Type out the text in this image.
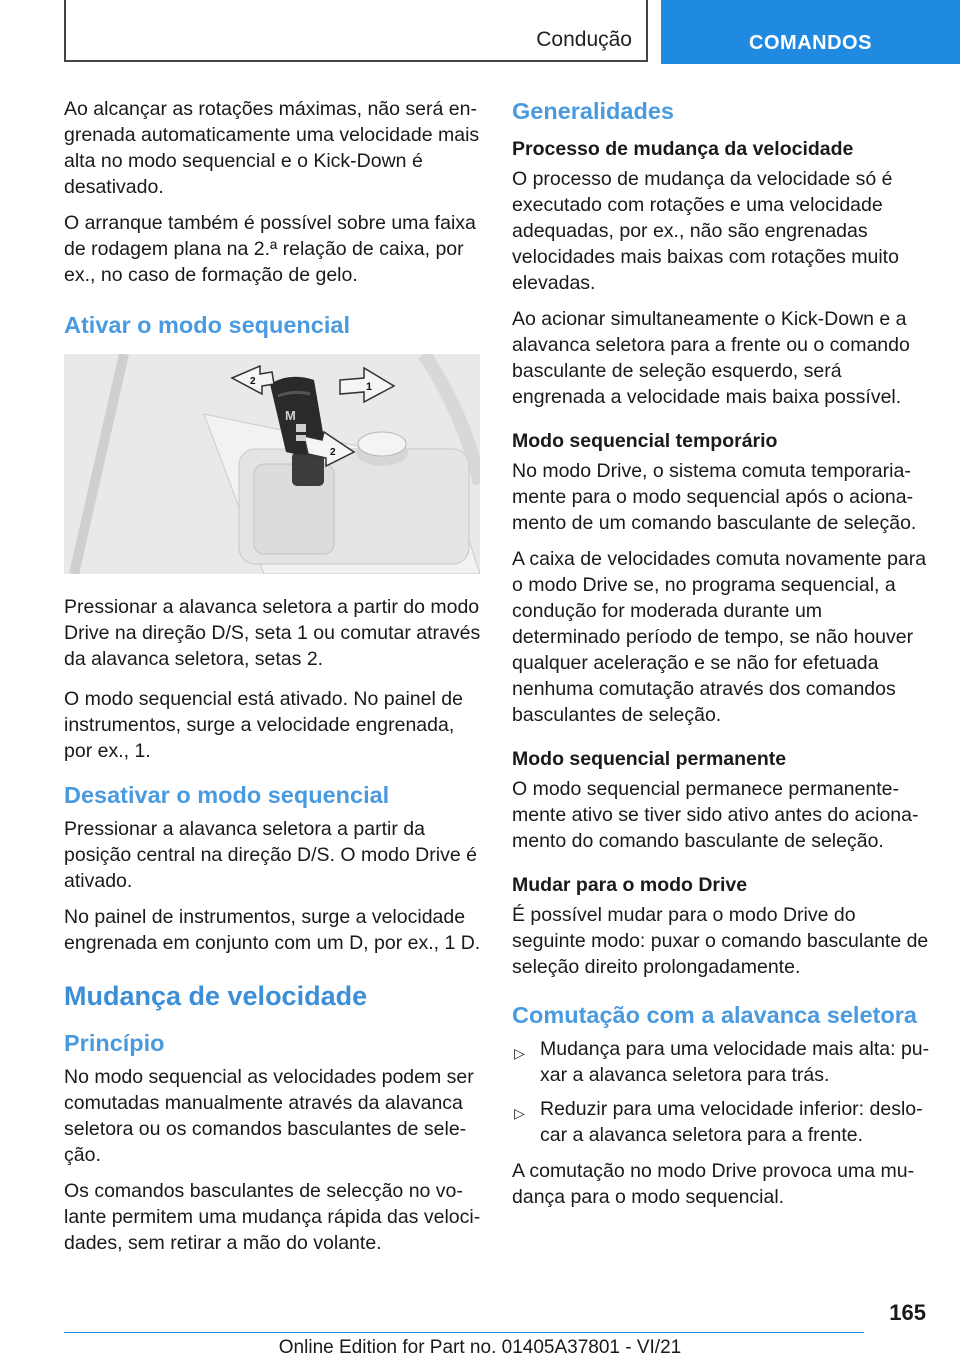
Condução	COMANDOS

Ao alcançar as rotações máximas, não será engrenada automaticamente uma velocidade mais alta no modo sequencial e o Kick-Down é desativado.

O arranque também é possível sobre uma faixa de rodagem plana na 2.ª relação de caixa, por ex., no caso de formação de gelo.

Ativar o modo sequencial
M
2	1
2

Pressionar a alavanca seletora a partir do modo Drive na direção D/S, seta 1 ou comutar através da alavanca seletora, setas 2.

O modo sequencial está ativado. No painel de instrumentos, surge a velocidade engrenada, por ex., 1.

Desativar o modo sequencial

Pressionar a alavanca seletora a partir da posição central na direção D/S. O modo Drive é ativado.

No painel de instrumentos, surge a velocidade engrenada em conjunto com um D, por ex., 1 D.

Mudança de velocidade
Princípio

No modo sequencial as velocidades podem ser comutadas manualmente através da alavanca seletora ou os comandos basculantes de seleção.

Os comandos basculantes de selecção no volante permitem uma mudança rápida das velocidades, sem retirar a mão do volante.

Generalidades
Processo de mudança da velocidade

O processo de mudança da velocidade só é executado com rotações e uma velocidade adequadas, por ex., não são engrenadas velocidades mais baixas com rotações muito elevadas.

Ao acionar simultaneamente o Kick-Down e a alavanca seletora para a frente ou o comando basculante de seleção esquerdo, será engrenada a velocidade mais baixa possível.

Modo sequencial temporário

No modo Drive, o sistema comuta temporariamente para o modo sequencial após o acionamento de um comando basculante de seleção.

A caixa de velocidades comuta novamente para o modo Drive se, no programa sequencial, a condução for moderada durante um determinado período de tempo, se não houver qualquer aceleração e se não for efetuada nenhuma comutação através dos comandos basculantes de seleção.

Modo sequencial permanente

O modo sequencial permanece permanentemente ativo se tiver sido ativo antes do acionamento do comando basculante de seleção.

Mudar para o modo Drive

É possível mudar para o modo Drive do seguinte modo: puxar o comando basculante de seleção direito prolongadamente.

Comutação com a alavanca seletora
▷ Mudança para uma velocidade mais alta: puxar a alavanca seletora para trás.
▷ Reduzir para uma velocidade inferior: deslocar a alavanca seletora para a frente.

A comutação no modo Drive provoca uma mudança para o modo sequencial.

165
Online Edition for Part no. 01405A37801 - VI/21
